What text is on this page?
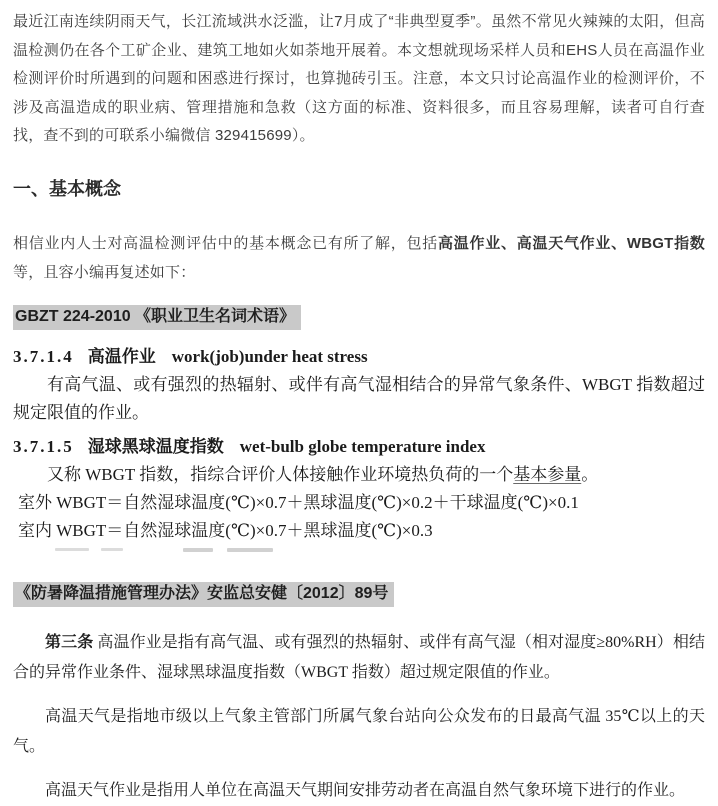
最近江南连续阴雨天气，长江流域洪水泛滥，让7月成了“非典型夏季”。虽然不常见火辣辣的太阳，但高温检测仍在各个工矿企业、建筑工地如火如荼地开展着。本文想就现场采样人员和EHS人员在高温作业检测评价时所遇到的问题和困惑进行探讨，也算抛砖引玉。注意，本文只讨论高温作业的检测评价，不涉及高温造成的职业病、管理措施和急救（这方面的标准、资料很多，而且容易理解，读者可自行查找，查不到的可联系小编微信 329415699）。

一、基本概念

相信业内人士对高温检测评估中的基本概念已有所了解，包括高温作业、高温天气作业、WBGT指数等，且容小编再复述如下：

GBZT 224-2010 《职业卫生名词术语》

3.7.1.4 高温作业 work(job)under heat stress

有高气温、或有强烈的热辐射、或伴有高气湿相结合的异常气象条件、WBGT 指数超过规定限值的作业。

3.7.1.5 湿球黑球温度指数 wet-bulb globe temperature index

又称 WBGT 指数，指综合评价人体接触作业环境热负荷的一个基本参量。

室外 WBGT＝自然湿球温度(℃)×0.7＋黑球温度(℃)×0.2＋干球温度(℃)×0.1

室内 WBGT＝自然湿球温度(℃)×0.7＋黑球温度(℃)×0.3

《防暑降温措施管理办法》安监总安健〔2012〕89号

第三条 高温作业是指有高气温、或有强烈的热辐射、或伴有高气湿（相对湿度≥80%RH）相结合的异常作业条件、湿球黑球温度指数（WBGT 指数）超过规定限值的作业。

高温天气是指地市级以上气象主管部门所属气象台站向公众发布的日最高气温 35℃以上的天气。

高温天气作业是指用人单位在高温天气期间安排劳动者在高温自然气象环境下进行的作业。
